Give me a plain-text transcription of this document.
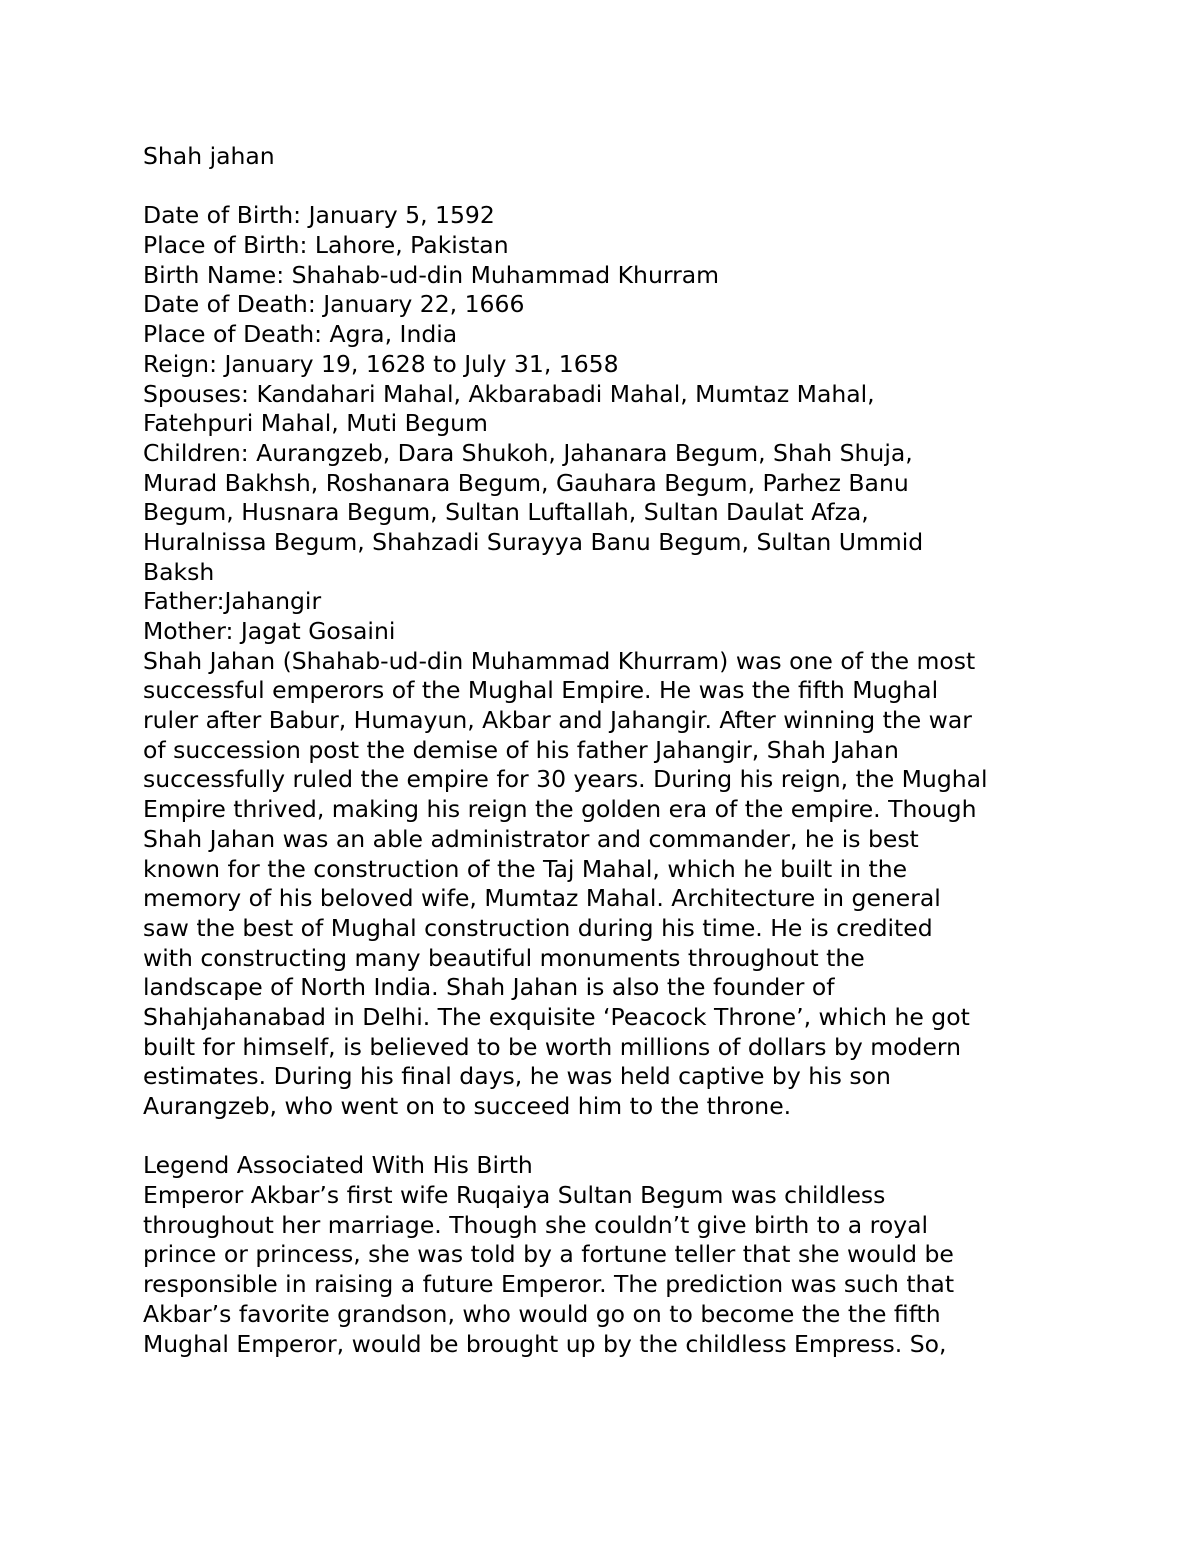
Shah jahan
Date of Birth: January 5, 1592
Place of Birth: Lahore, Pakistan
Birth Name: Shahab-ud-din Muhammad Khurram
Date of Death: January 22, 1666
Place of Death: Agra, India
Reign: January 19, 1628 to July 31, 1658
Spouses: Kandahari Mahal, Akbarabadi Mahal, Mumtaz Mahal,
Fatehpuri Mahal, Muti Begum
Children: Aurangzeb, Dara Shukoh, Jahanara Begum, Shah Shuja,
Murad Bakhsh, Roshanara Begum, Gauhara Begum, Parhez Banu
Begum, Husnara Begum, Sultan Luftallah, Sultan Daulat Afza,
Huralnissa Begum, Shahzadi Surayya Banu Begum, Sultan Ummid
Baksh
Father:Jahangir
Mother: Jagat Gosaini
Shah Jahan (Shahab-ud-din Muhammad Khurram) was one of the most
successful emperors of the Mughal Empire. He was the fifth Mughal
ruler after Babur, Humayun, Akbar and Jahangir. After winning the war
of succession post the demise of his father Jahangir, Shah Jahan
successfully ruled the empire for 30 years. During his reign, the Mughal
Empire thrived, making his reign the golden era of the empire. Though
Shah Jahan was an able administrator and commander, he is best
known for the construction of the Taj Mahal, which he built in the
memory of his beloved wife, Mumtaz Mahal. Architecture in general
saw the best of Mughal construction during his time. He is credited
with constructing many beautiful monuments throughout the
landscape of North India. Shah Jahan is also the founder of
Shahjahanabad in Delhi. The exquisite ‘Peacock Throne’, which he got
built for himself, is believed to be worth millions of dollars by modern
estimates. During his final days, he was held captive by his son
Aurangzeb, who went on to succeed him to the throne.
Legend Associated With His Birth
Emperor Akbar’s first wife Ruqaiya Sultan Begum was childless
throughout her marriage. Though she couldn’t give birth to a royal
prince or princess, she was told by a fortune teller that she would be
responsible in raising a future Emperor. The prediction was such that
Akbar’s favorite grandson, who would go on to become the the fifth
Mughal Emperor, would be brought up by the childless Empress. So,
